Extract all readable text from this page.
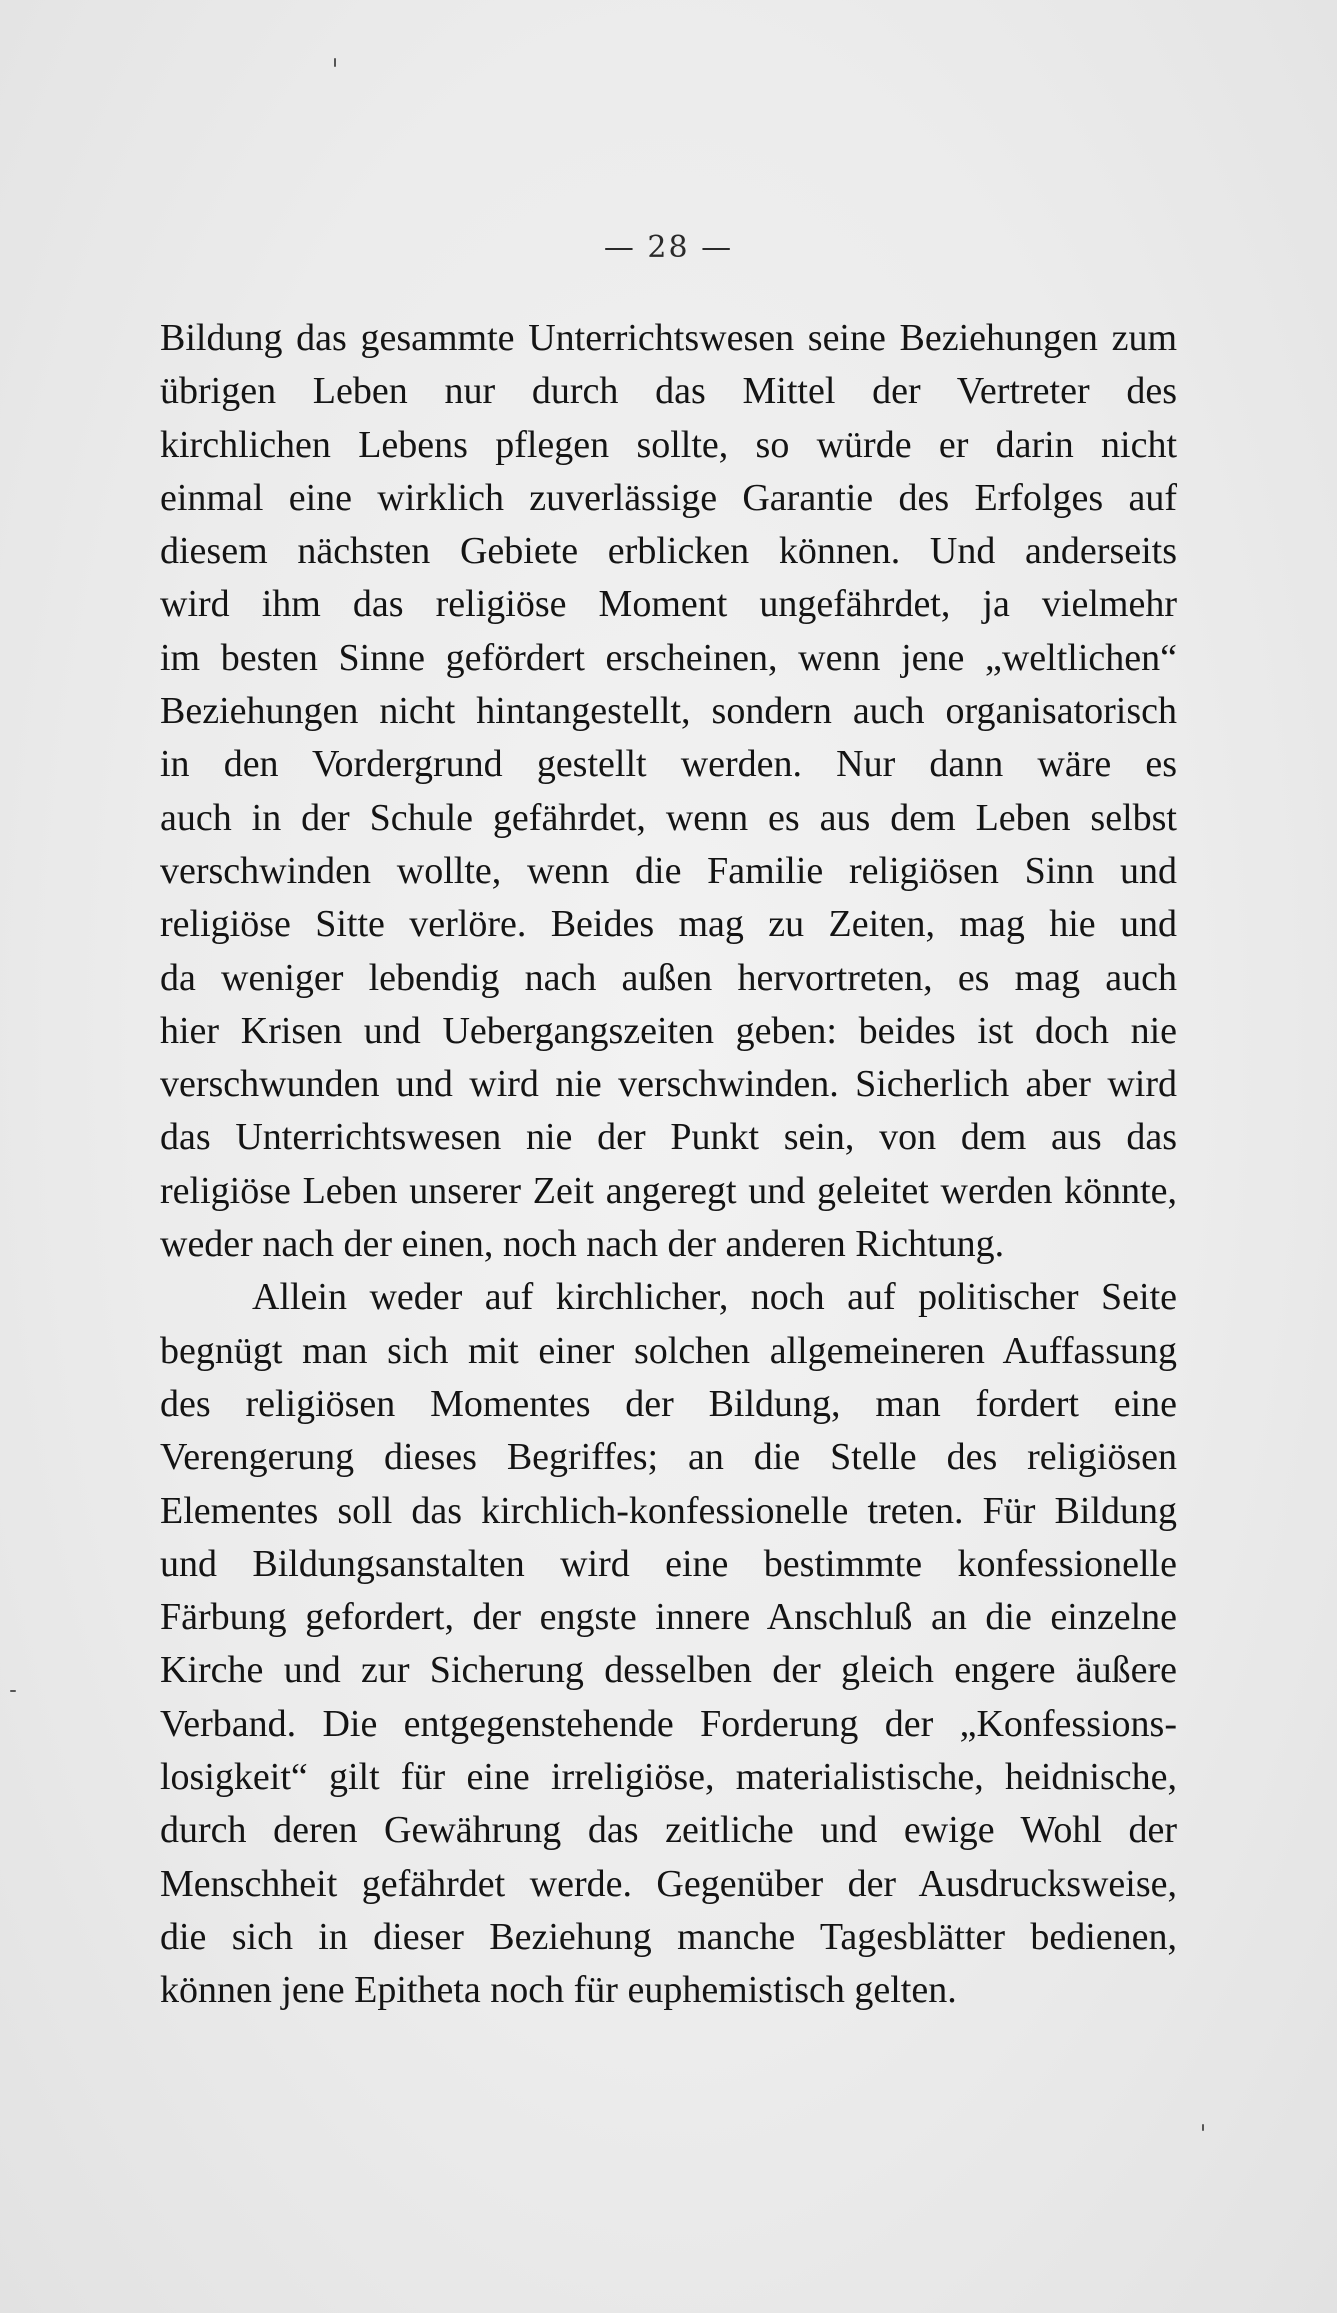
— 28 —
Bildung das gesammte Unterrichtswesen seine Beziehungen zum
übrigen Leben nur durch das Mittel der Vertreter des
kirchlichen Lebens pflegen sollte, so würde er darin nicht
einmal eine wirklich zuverlässige Garantie des Erfolges auf
diesem nächsten Gebiete erblicken können. Und anderseits
wird ihm das religiöse Moment ungefährdet, ja vielmehr
im besten Sinne gefördert erscheinen, wenn jene „weltlichen“
Beziehungen nicht hintangestellt, sondern auch organisatorisch
in den Vordergrund gestellt werden. Nur dann wäre es
auch in der Schule gefährdet, wenn es aus dem Leben selbst
verschwinden wollte, wenn die Familie religiösen Sinn und
religiöse Sitte verlöre. Beides mag zu Zeiten, mag hie und
da weniger lebendig nach außen hervortreten, es mag auch
hier Krisen und Uebergangszeiten geben: beides ist doch nie
verschwunden und wird nie verschwinden. Sicherlich aber wird
das Unterrichtswesen nie der Punkt sein, von dem aus das
religiöse Leben unserer Zeit angeregt und geleitet werden könnte,
weder nach der einen, noch nach der anderen Richtung.
Allein weder auf kirchlicher, noch auf politischer Seite
begnügt man sich mit einer solchen allgemeineren Auffassung
des religiösen Momentes der Bildung, man fordert eine
Verengerung dieses Begriffes; an die Stelle des religiösen
Elementes soll das kirchlich-konfessionelle treten. Für Bildung
und Bildungsanstalten wird eine bestimmte konfessionelle
Färbung gefordert, der engste innere Anschluß an die einzelne
Kirche und zur Sicherung desselben der gleich engere äußere
Verband. Die entgegenstehende Forderung der „Konfessions-
losigkeit“ gilt für eine irreligiöse, materialistische, heidnische,
durch deren Gewährung das zeitliche und ewige Wohl der
Menschheit gefährdet werde. Gegenüber der Ausdrucksweise,
die sich in dieser Beziehung manche Tagesblätter bedienen,
können jene Epitheta noch für euphemistisch gelten.
